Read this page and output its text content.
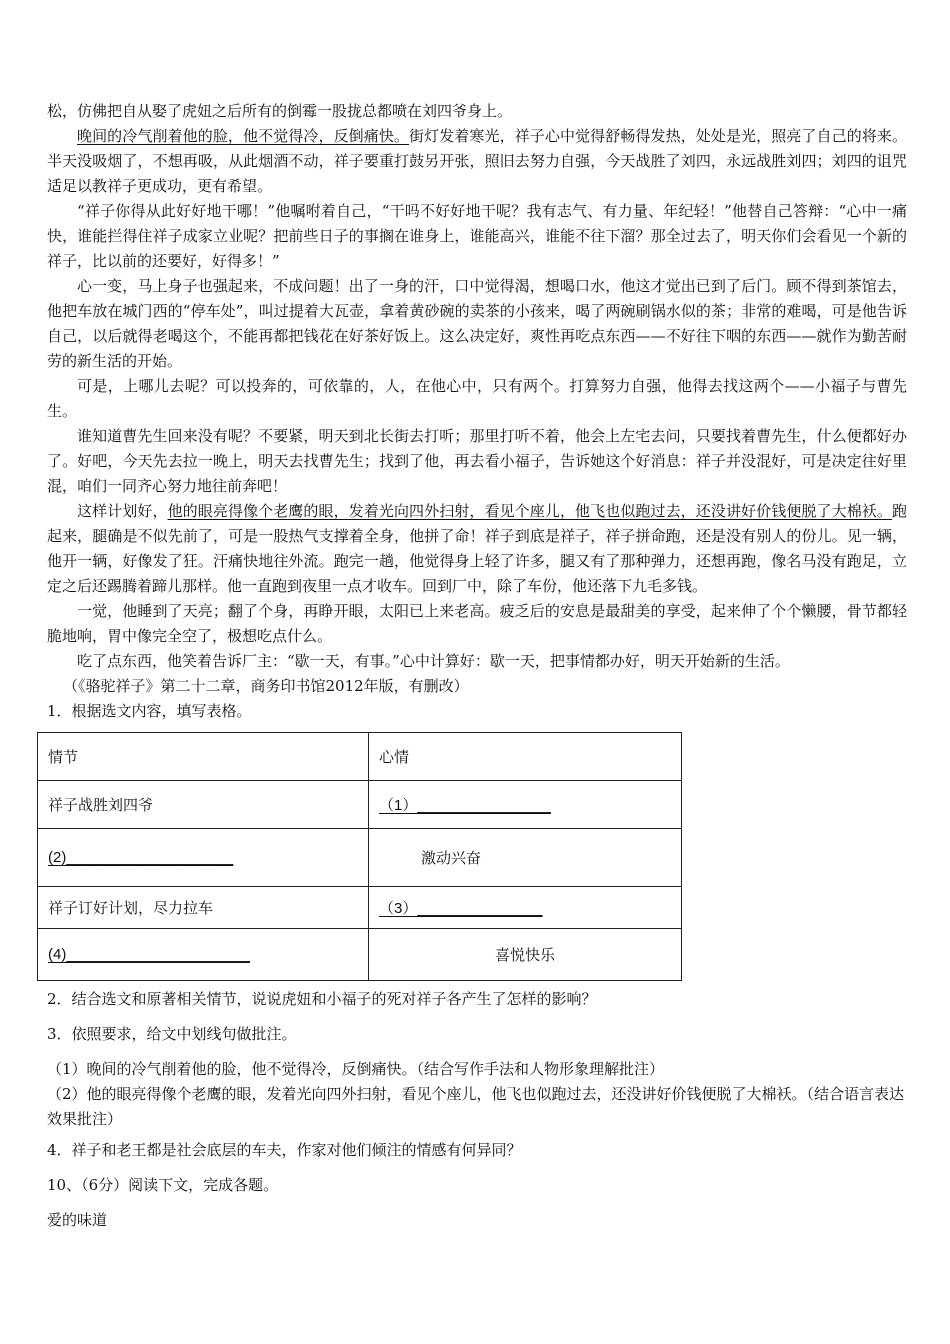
松，仿佛把自从娶了虎妞之后所有的倒霉一股拢总都喷在刘四爷身上。

晚间的冷气削着他的脸，他不觉得冷，反倒痛快。街灯发着寒光，祥子心中觉得舒畅得发热，处处是光，照亮了自己的将来。半天没吸烟了，不想再吸，从此烟酒不动，祥子要重打鼓另开张，照旧去努力自强，今天战胜了刘四，永远战胜刘四；刘四的诅咒适足以教祥子更成功，更有希望。

“祥子你得从此好好地干哪！”他嘱咐着自己，“干吗不好好地干呢？我有志气、有力量、年纪轻！”他替自己答辩：“心中一痛快，谁能拦得住祥子成家立业呢？把前些日子的事搁在谁身上，谁能高兴，谁能不往下溜？那全过去了，明天你们会看见一个新的祥子，比以前的还要好，好得多！”

心一变，马上身子也强起来，不成问题！出了一身的汗，口中觉得渴，想喝口水，他这才觉出已到了后门。顾不得到茶馆去，他把车放在城门西的“停车处”，叫过提着大瓦壶，拿着黄砂碗的卖茶的小孩来，喝了两碗刷锅水似的茶；非常的难喝，可是他告诉自己，以后就得老喝这个，不能再都把钱花在好茶好饭上。这么决定好，爽性再吃点东西——不好往下咽的东西——就作为勤苦耐劳的新生活的开始。

可是，上哪儿去呢？可以投奔的，可依靠的，人，在他心中，只有两个。打算努力自强，他得去找这两个——小福子与曹先生。

谁知道曹先生回来没有呢？不要紧，明天到北长街去打听；那里打听不着，他会上左宅去问，只要找着曹先生，什么便都好办了。好吧，今天先去拉一晚上，明天去找曹先生；找到了他，再去看小福子，告诉她这个好消息：祥子并没混好，可是决定往好里混，咱们一同齐心努力地往前奔吧！

这样计划好，他的眼亮得像个老鹰的眼，发着光向四外扫射，看见个座儿，他飞也似跑过去，还没讲好价钱便脱了大棉袄。跑起来，腿确是不似先前了，可是一股热气支撑着全身，他拼了命！祥子到底是祥子，祥子拼命跑，还是没有别人的份儿。见一辆，他开一辆，好像发了狂。汗痛快地往外流。跑完一趟，他觉得身上轻了许多，腿又有了那种弹力，还想再跑，像名马没有跑足，立定之后还踢腾着蹄儿那样。他一直跑到夜里一点才收车。回到厂中，除了车份，他还落下九毛多钱。

一觉，他睡到了天亮；翻了个身，再睁开眼，太阳已上来老高。疲乏后的安息是最甜美的享受，起来伸了个个懒腰，骨节都轻脆地响，胃中像完全空了，极想吃点什么。

吃了点东西，他笑着告诉厂主：“歇一天，有事。”心中计算好：歇一天，把事情都办好，明天开始新的生活。

（《骆驼祥子》第二十二章，商务印书馆2012年版，有删改）

1．根据选文内容，填写表格。

情节	心情
祥子战胜刘四爷	（1）________________
(2)____________________	激动兴奋
祥子订好计划，尽力拉车	（3）_______________
(4)______________________	喜悦快乐

2．结合选文和原著相关情节，说说虎妞和小福子的死对祥子各产生了怎样的影响？

3．依照要求，给文中划线句做批注。

（1）晚间的冷气削着他的脸，他不觉得冷，反倒痛快。（结合写作手法和人物形象理解批注）

（2）他的眼亮得像个老鹰的眼，发着光向四外扫射，看见个座儿，他飞也似跑过去，还没讲好价钱便脱了大棉袄。（结合语言表达效果批注）

4．祥子和老王都是社会底层的车夫，作家对他们倾注的情感有何异同？

10、（6分）阅读下文，完成各题。

爱的味道
